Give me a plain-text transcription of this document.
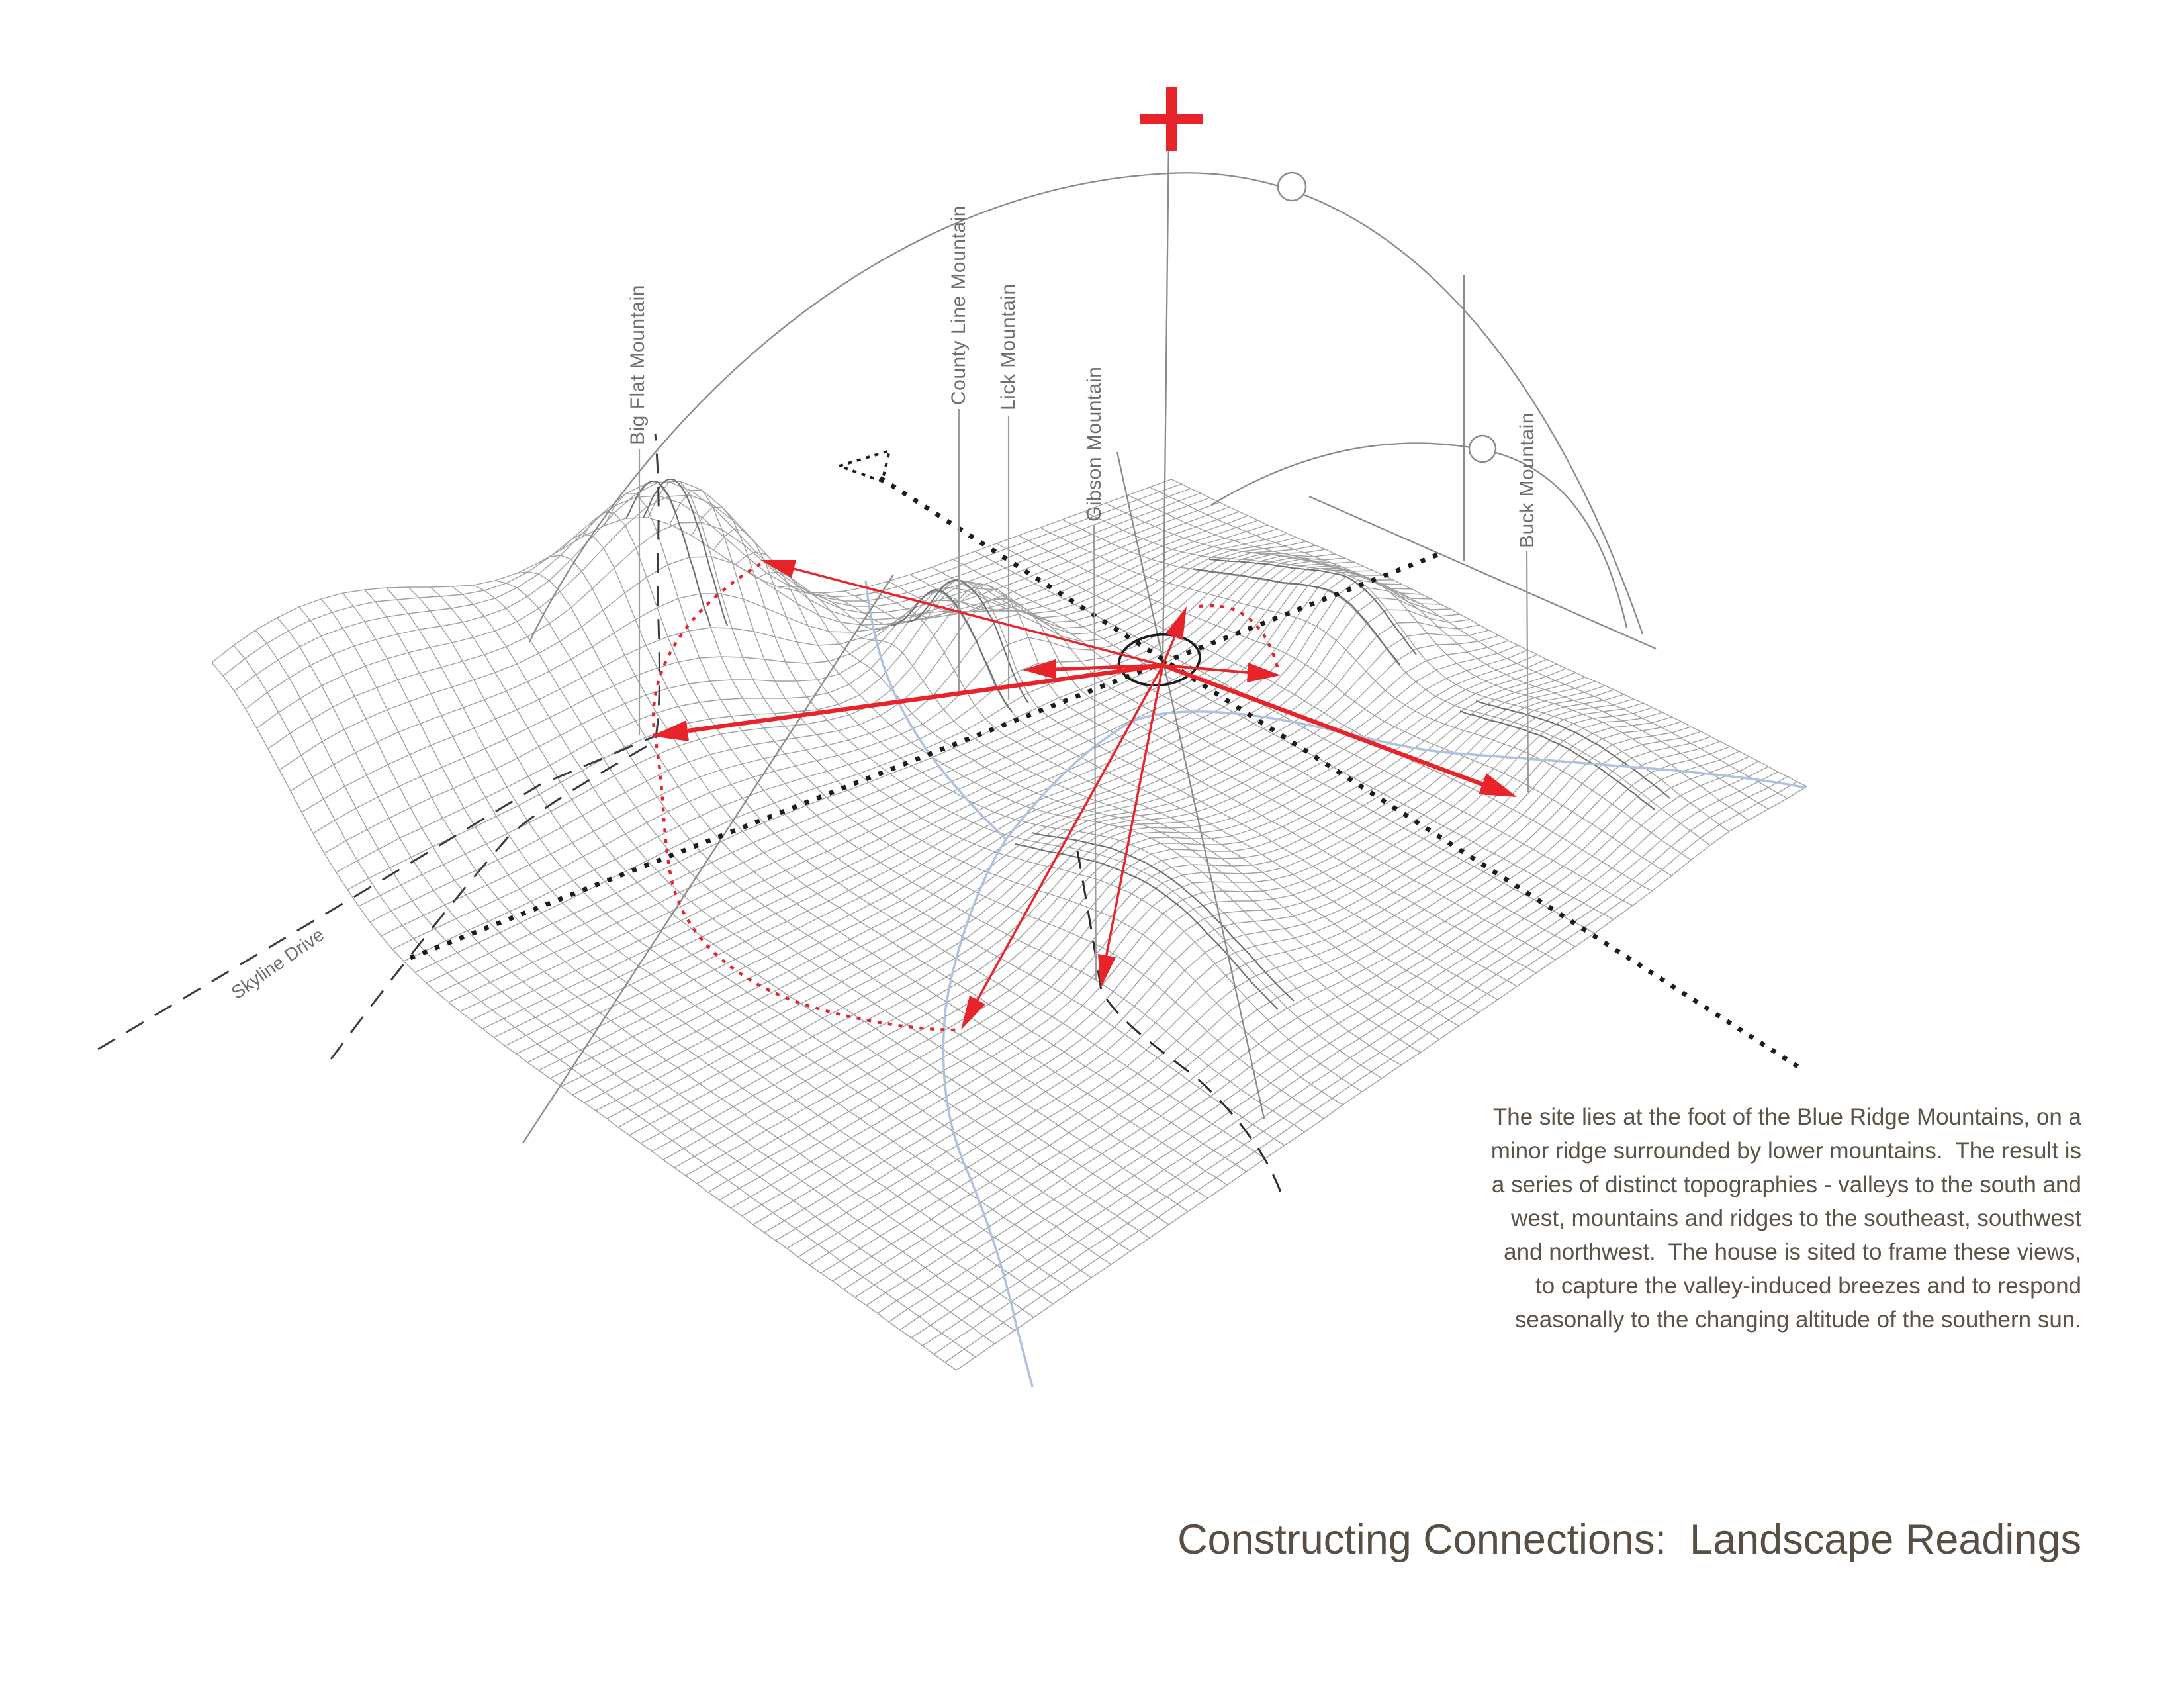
Big Flat Mountain	County Line Mountain Lick Mountain
Gibson Mountain	Buck Mountain
Skyline Drive
The site lies at the foot of the Blue Ridge Mountains, on a
minor ridge surrounded by lower mountains.  The result is
a series of distinct topographies - valleys to the south and
west, mountains and ridges to the southeast, southwest
and northwest.  The house is sited to frame these views,
to capture the valley-induced breezes and to respond
seasonally to the changing altitude of the southern sun.
Constructing Connections:  Landscape Readings
